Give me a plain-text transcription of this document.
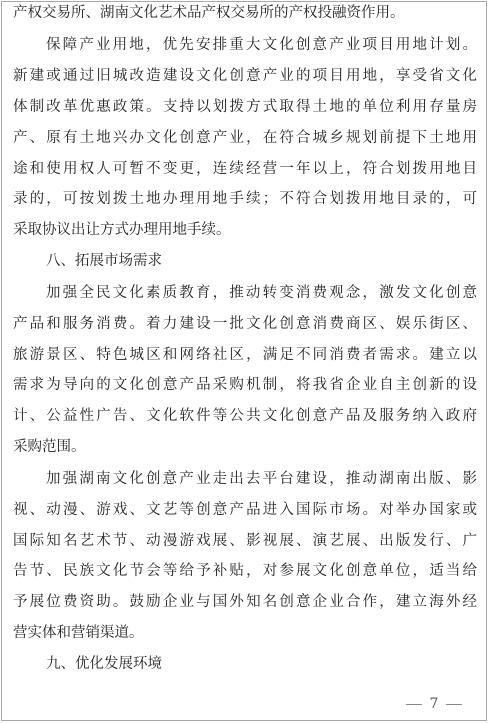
产权交易所、湖南文化艺术品产权交易所的产权投融资作用。
保障产业用地，优先安排重大文化创意产业项目用地计划。
新建或通过旧城改造建设文化创意产业的项目用地，享受省文化
体制改革优惠政策。支持以划拨方式取得土地的单位利用存量房
产、原有土地兴办文化创意产业，在符合城乡规划前提下土地用
途和使用权人可暂不变更，连续经营一年以上，符合划拨用地目
录的，可按划拨土地办理用地手续；不符合划拨用地目录的，可
采取协议出让方式办理用地手续。
八、拓展市场需求
加强全民文化素质教育，推动转变消费观念，激发文化创意
产品和服务消费。着力建设一批文化创意消费商区、娱乐街区、
旅游景区、特色城区和网络社区，满足不同消费者需求。建立以
需求为导向的文化创意产品采购机制，将我省企业自主创新的设
计、公益性广告、文化软件等公共文化创意产品及服务纳入政府
采购范围。
加强湖南文化创意产业走出去平台建设，推动湖南出版、影
视、动漫、游戏、文艺等创意产品进入国际市场。对举办国家或
国际知名艺术节、动漫游戏展、影视展、演艺展、出版发行、广
告节、民族文化节会等给予补贴，对参展文化创意单位，适当给
予展位费资助。鼓励企业与国外知名创意企业合作，建立海外经
营实体和营销渠道。
九、优化发展环境
7
